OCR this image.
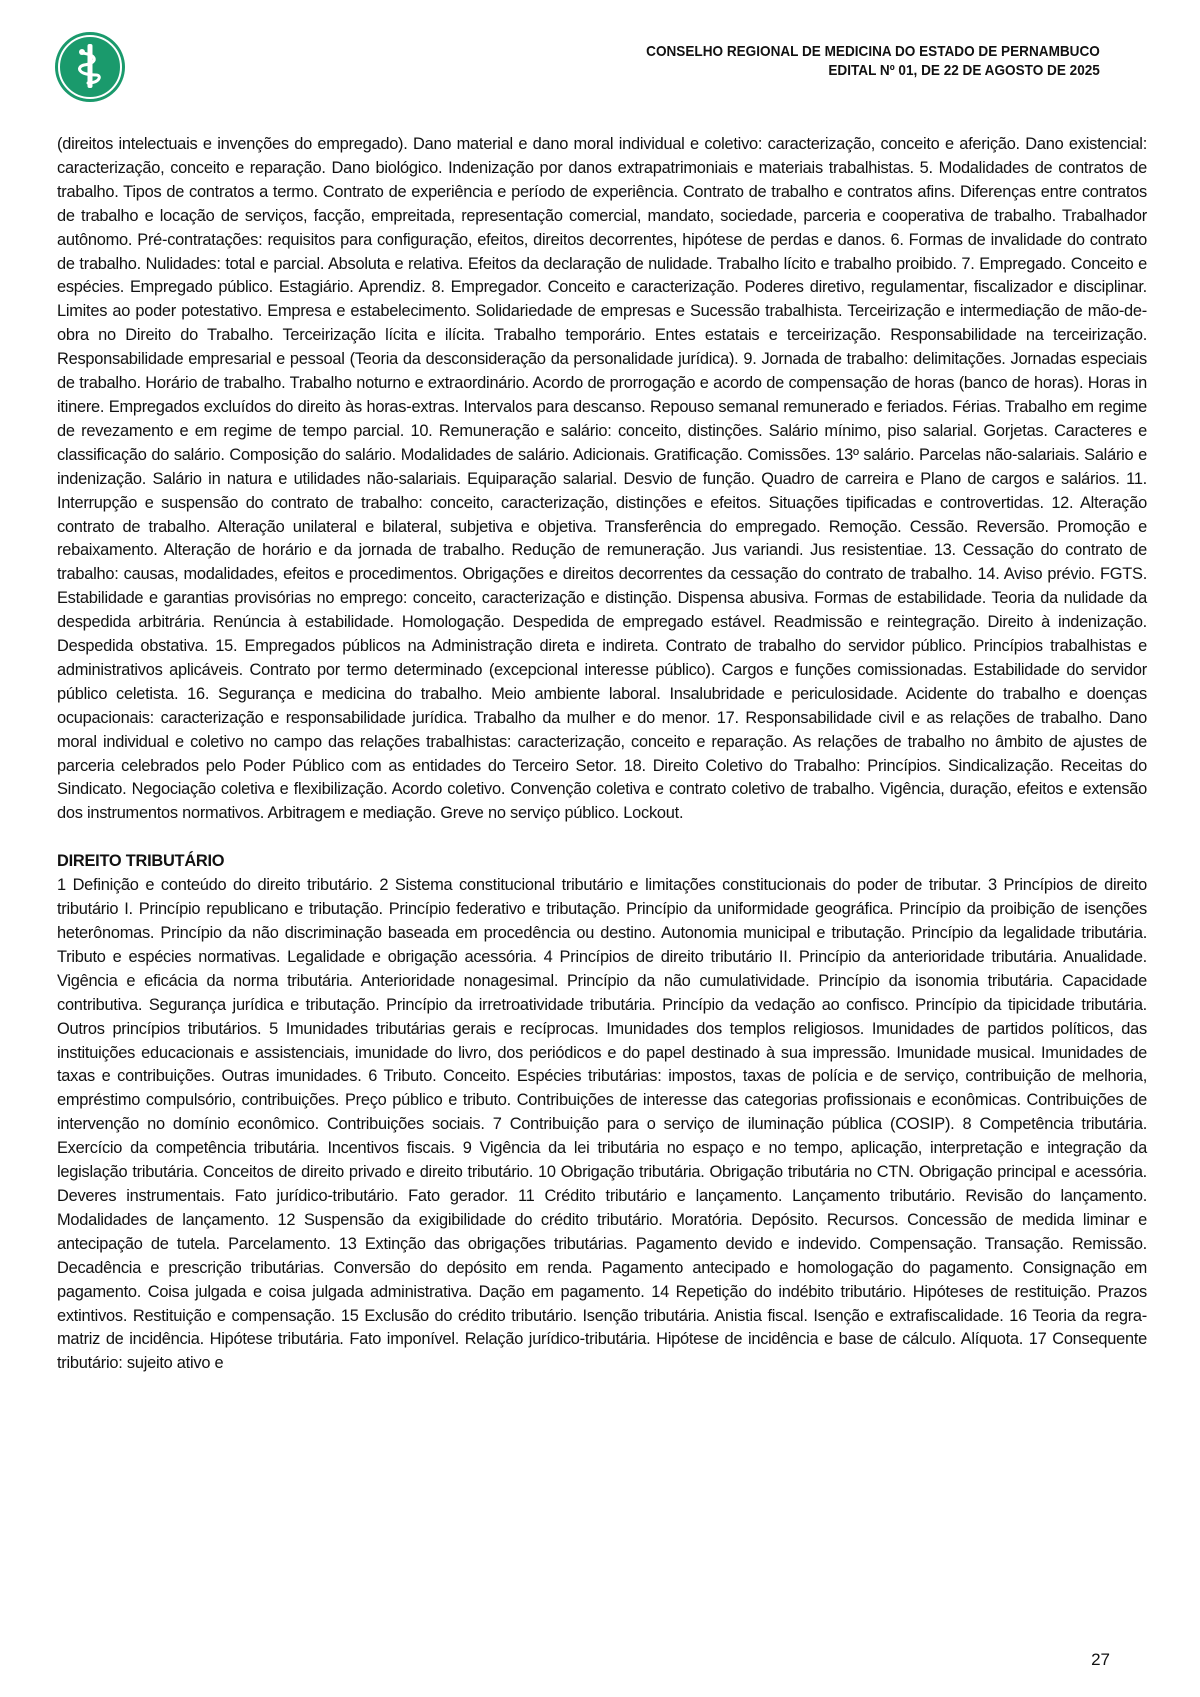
CONSELHO REGIONAL DE MEDICINA DO ESTADO DE PERNAMBUCO
EDITAL Nº 01, DE 22 DE AGOSTO DE 2025

(direitos intelectuais e invenções do empregado). Dano material e dano moral individual e coletivo: caracterização, conceito e aferição. Dano existencial: caracterização, conceito e reparação. Dano biológico. Indenização por danos extrapatrimoniais e materiais trabalhistas. 5. Modalidades de contratos de trabalho. Tipos de contratos a termo. Contrato de experiência e período de experiência. Contrato de trabalho e contratos afins. Diferenças entre contratos de trabalho e locação de serviços, facção, empreitada, representação comercial, mandato, sociedade, parceria e cooperativa de trabalho. Trabalhador autônomo. Pré-contratações: requisitos para configuração, efeitos, direitos decorrentes, hipótese de perdas e danos. 6. Formas de invalidade do contrato de trabalho. Nulidades: total e parcial. Absoluta e relativa. Efeitos da declaração de nulidade. Trabalho lícito e trabalho proibido. 7. Empregado. Conceito e espécies. Empregado público. Estagiário. Aprendiz. 8. Empregador. Conceito e caracterização. Poderes diretivo, regulamentar, fiscalizador e disciplinar. Limites ao poder potestativo. Empresa e estabelecimento. Solidariedade de empresas e Sucessão trabalhista. Terceirização e intermediação de mão-de-obra no Direito do Trabalho. Terceirização lícita e ilícita. Trabalho temporário. Entes estatais e terceirização. Responsabilidade na terceirização. Responsabilidade empresarial e pessoal (Teoria da desconsideração da personalidade jurídica). 9. Jornada de trabalho: delimitações. Jornadas especiais de trabalho. Horário de trabalho. Trabalho noturno e extraordinário. Acordo de prorrogação e acordo de compensação de horas (banco de horas). Horas in itinere. Empregados excluídos do direito às horas-extras. Intervalos para descanso. Repouso semanal remunerado e feriados. Férias. Trabalho em regime de revezamento e em regime de tempo parcial. 10. Remuneração e salário: conceito, distinções. Salário mínimo, piso salarial. Gorjetas. Caracteres e classificação do salário. Composição do salário. Modalidades de salário. Adicionais. Gratificação. Comissões. 13º salário. Parcelas não-salariais. Salário e indenização. Salário in natura e utilidades não-salariais. Equiparação salarial. Desvio de função. Quadro de carreira e Plano de cargos e salários. 11. Interrupção e suspensão do contrato de trabalho: conceito, caracterização, distinções e efeitos. Situações tipificadas e controvertidas. 12. Alteração contrato de trabalho. Alteração unilateral e bilateral, subjetiva e objetiva. Transferência do empregado. Remoção. Cessão. Reversão. Promoção e rebaixamento. Alteração de horário e da jornada de trabalho. Redução de remuneração. Jus variandi. Jus resistentiae. 13. Cessação do contrato de trabalho: causas, modalidades, efeitos e procedimentos. Obrigações e direitos decorrentes da cessação do contrato de trabalho. 14. Aviso prévio. FGTS. Estabilidade e garantias provisórias no emprego: conceito, caracterização e distinção. Dispensa abusiva. Formas de estabilidade. Teoria da nulidade da despedida arbitrária. Renúncia à estabilidade. Homologação. Despedida de empregado estável. Readmissão e reintegração. Direito à indenização. Despedida obstativa. 15. Empregados públicos na Administração direta e indireta. Contrato de trabalho do servidor público. Princípios trabalhistas e administrativos aplicáveis. Contrato por termo determinado (excepcional interesse público). Cargos e funções comissionadas. Estabilidade do servidor público celetista. 16. Segurança e medicina do trabalho. Meio ambiente laboral. Insalubridade e periculosidade. Acidente do trabalho e doenças ocupacionais: caracterização e responsabilidade jurídica. Trabalho da mulher e do menor. 17. Responsabilidade civil e as relações de trabalho. Dano moral individual e coletivo no campo das relações trabalhistas: caracterização, conceito e reparação. As relações de trabalho no âmbito de ajustes de parceria celebrados pelo Poder Público com as entidades do Terceiro Setor. 18. Direito Coletivo do Trabalho: Princípios. Sindicalização. Receitas do Sindicato. Negociação coletiva e flexibilização. Acordo coletivo. Convenção coletiva e contrato coletivo de trabalho. Vigência, duração, efeitos e extensão dos instrumentos normativos. Arbitragem e mediação. Greve no serviço público. Lockout.

DIREITO TRIBUTÁRIO

1 Definição e conteúdo do direito tributário. 2 Sistema constitucional tributário e limitações constitucionais do poder de tributar. 3 Princípios de direito tributário I. Princípio republicano e tributação. Princípio federativo e tributação. Princípio da uniformidade geográfica. Princípio da proibição de isenções heterônomas. Princípio da não discriminação baseada em procedência ou destino. Autonomia municipal e tributação. Princípio da legalidade tributária. Tributo e espécies normativas. Legalidade e obrigação acessória. 4 Princípios de direito tributário II. Princípio da anterioridade tributária. Anualidade. Vigência e eficácia da norma tributária. Anterioridade nonagesimal. Princípio da não cumulatividade. Princípio da isonomia tributária. Capacidade contributiva. Segurança jurídica e tributação. Princípio da irretroatividade tributária. Princípio da vedação ao confisco. Princípio da tipicidade tributária. Outros princípios tributários. 5 Imunidades tributárias gerais e recíprocas. Imunidades dos templos religiosos. Imunidades de partidos políticos, das instituições educacionais e assistenciais, imunidade do livro, dos periódicos e do papel destinado à sua impressão. Imunidade musical. Imunidades de taxas e contribuições. Outras imunidades. 6 Tributo. Conceito. Espécies tributárias: impostos, taxas de polícia e de serviço, contribuição de melhoria, empréstimo compulsório, contribuições. Preço público e tributo. Contribuições de interesse das categorias profissionais e econômicas. Contribuições de intervenção no domínio econômico. Contribuições sociais. 7 Contribuição para o serviço de iluminação pública (COSIP). 8 Competência tributária. Exercício da competência tributária. Incentivos fiscais. 9 Vigência da lei tributária no espaço e no tempo, aplicação, interpretação e integração da legislação tributária. Conceitos de direito privado e direito tributário. 10 Obrigação tributária. Obrigação tributária no CTN. Obrigação principal e acessória. Deveres instrumentais. Fato jurídico-tributário. Fato gerador. 11 Crédito tributário e lançamento. Lançamento tributário. Revisão do lançamento. Modalidades de lançamento. 12 Suspensão da exigibilidade do crédito tributário. Moratória. Depósito. Recursos. Concessão de medida liminar e antecipação de tutela. Parcelamento. 13 Extinção das obrigações tributárias. Pagamento devido e indevido. Compensação. Transação. Remissão. Decadência e prescrição tributárias. Conversão do depósito em renda. Pagamento antecipado e homologação do pagamento. Consignação em pagamento. Coisa julgada e coisa julgada administrativa. Dação em pagamento. 14 Repetição do indébito tributário. Hipóteses de restituição. Prazos extintivos. Restituição e compensação. 15 Exclusão do crédito tributário. Isenção tributária. Anistia fiscal. Isenção e extrafiscalidade. 16 Teoria da regra-matriz de incidência. Hipótese tributária. Fato imponível. Relação jurídico-tributária. Hipótese de incidência e base de cálculo. Alíquota. 17 Consequente tributário: sujeito ativo e

27
